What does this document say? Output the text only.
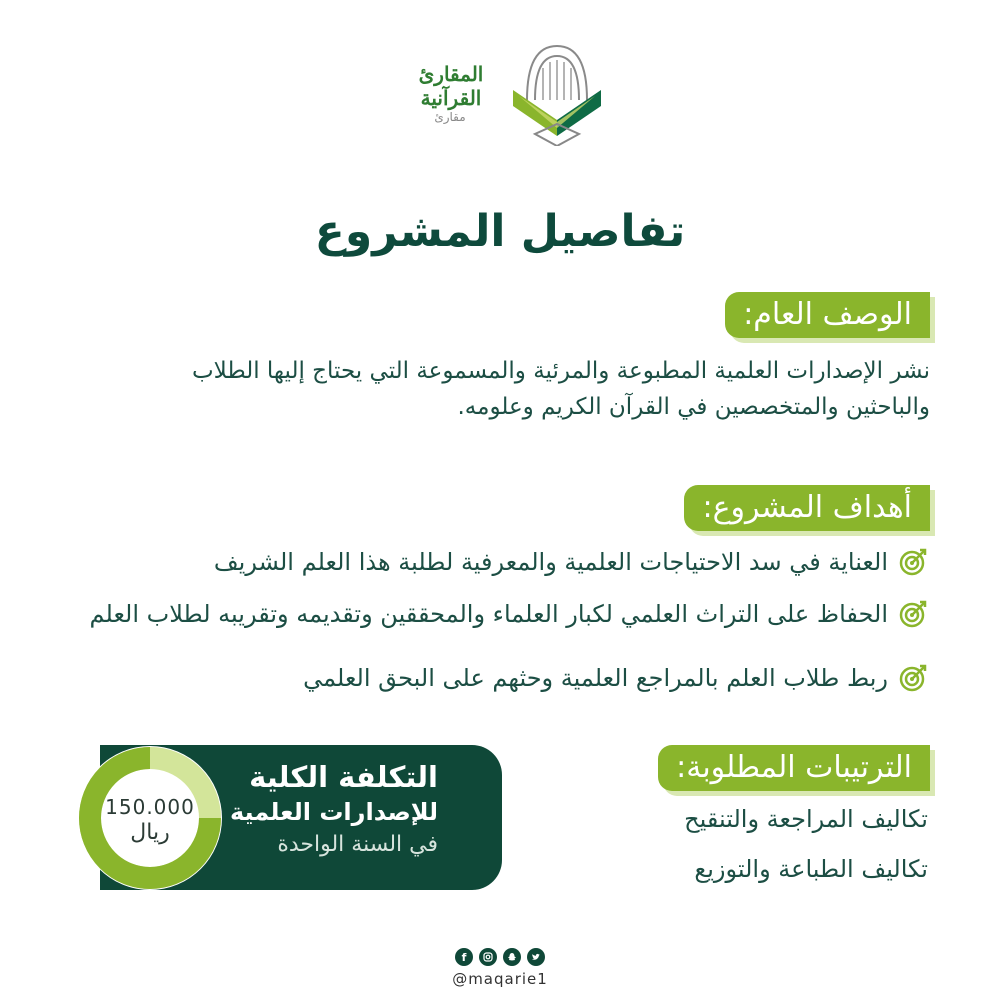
المقارئ القرآنية
مقارئ
تفاصيل المشروع
الوصف العام:
نشر الإصدارات العلمية المطبوعة والمرئية والمسموعة التي يحتاج إليها الطلاب والباحثين والمتخصصين في القرآن الكريم وعلومه.
أهداف المشروع:
العناية في سد الاحتياجات العلمية والمعرفية لطلبة هذا العلم الشريف
الحفاظ على التراث العلمي لكبار العلماء والمحققين وتقديمه وتقريبه لطلاب العلم
ربط طلاب العلم بالمراجع العلمية وحثهم على البحق العلمي
التكلفة الكلية
للإصدارات العلمية
في السنة الواحدة
150.000
ريال
الترتيبات المطلوبة:
تكاليف المراجعة والتنقيح
تكاليف الطباعة والتوزيع
f
@maqarie1
